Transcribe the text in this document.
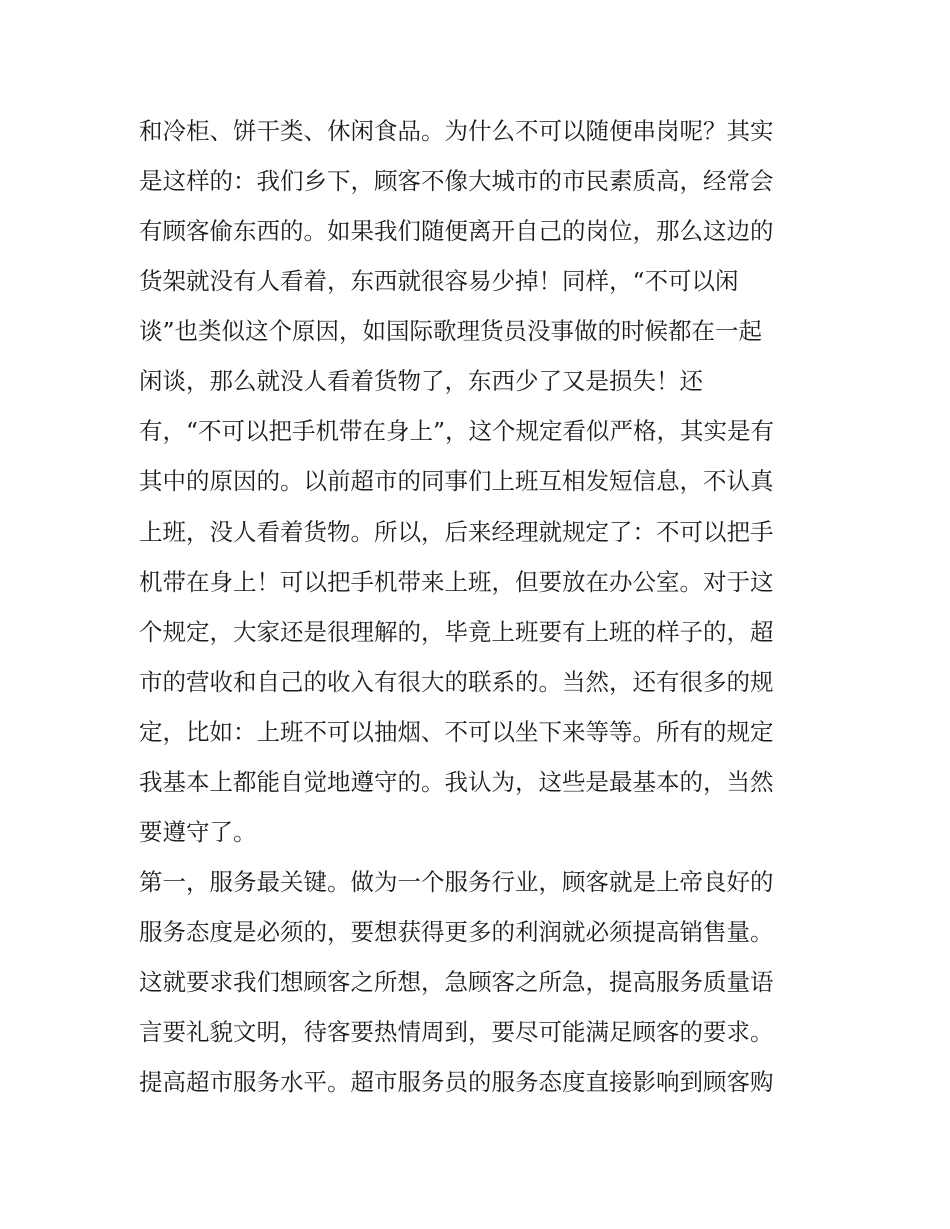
和冷柜、饼干类、休闲食品。为什么不可以随便串岗呢？其实
是这样的：我们乡下，顾客不像大城市的市民素质高，经常会
有顾客偷东西的。如果我们随便离开自己的岗位，那么这边的
货架就没有人看着，东西就很容易少掉！同样，“不可以闲
谈”也类似这个原因，如国际歌理货员没事做的时候都在一起
闲谈，那么就没人看着货物了，东西少了又是损失！还
有，“不可以把手机带在身上”，这个规定看似严格，其实是有
其中的原因的。以前超市的同事们上班互相发短信息，不认真
上班，没人看着货物。所以，后来经理就规定了：不可以把手
机带在身上！可以把手机带来上班，但要放在办公室。对于这
个规定，大家还是很理解的，毕竟上班要有上班的样子的，超
市的营收和自己的收入有很大的联系的。当然，还有很多的规
定，比如：上班不可以抽烟、不可以坐下来等等。所有的规定
我基本上都能自觉地遵守的。我认为，这些是最基本的，当然
要遵守了。
第一，服务最关键。做为一个服务行业，顾客就是上帝良好的
服务态度是必须的，要想获得更多的利润就必须提高销售量。
这就要求我们想顾客之所想，急顾客之所急，提高服务质量语
言要礼貌文明，待客要热情周到，要尽可能满足顾客的要求。
提高超市服务水平。超市服务员的服务态度直接影响到顾客购
